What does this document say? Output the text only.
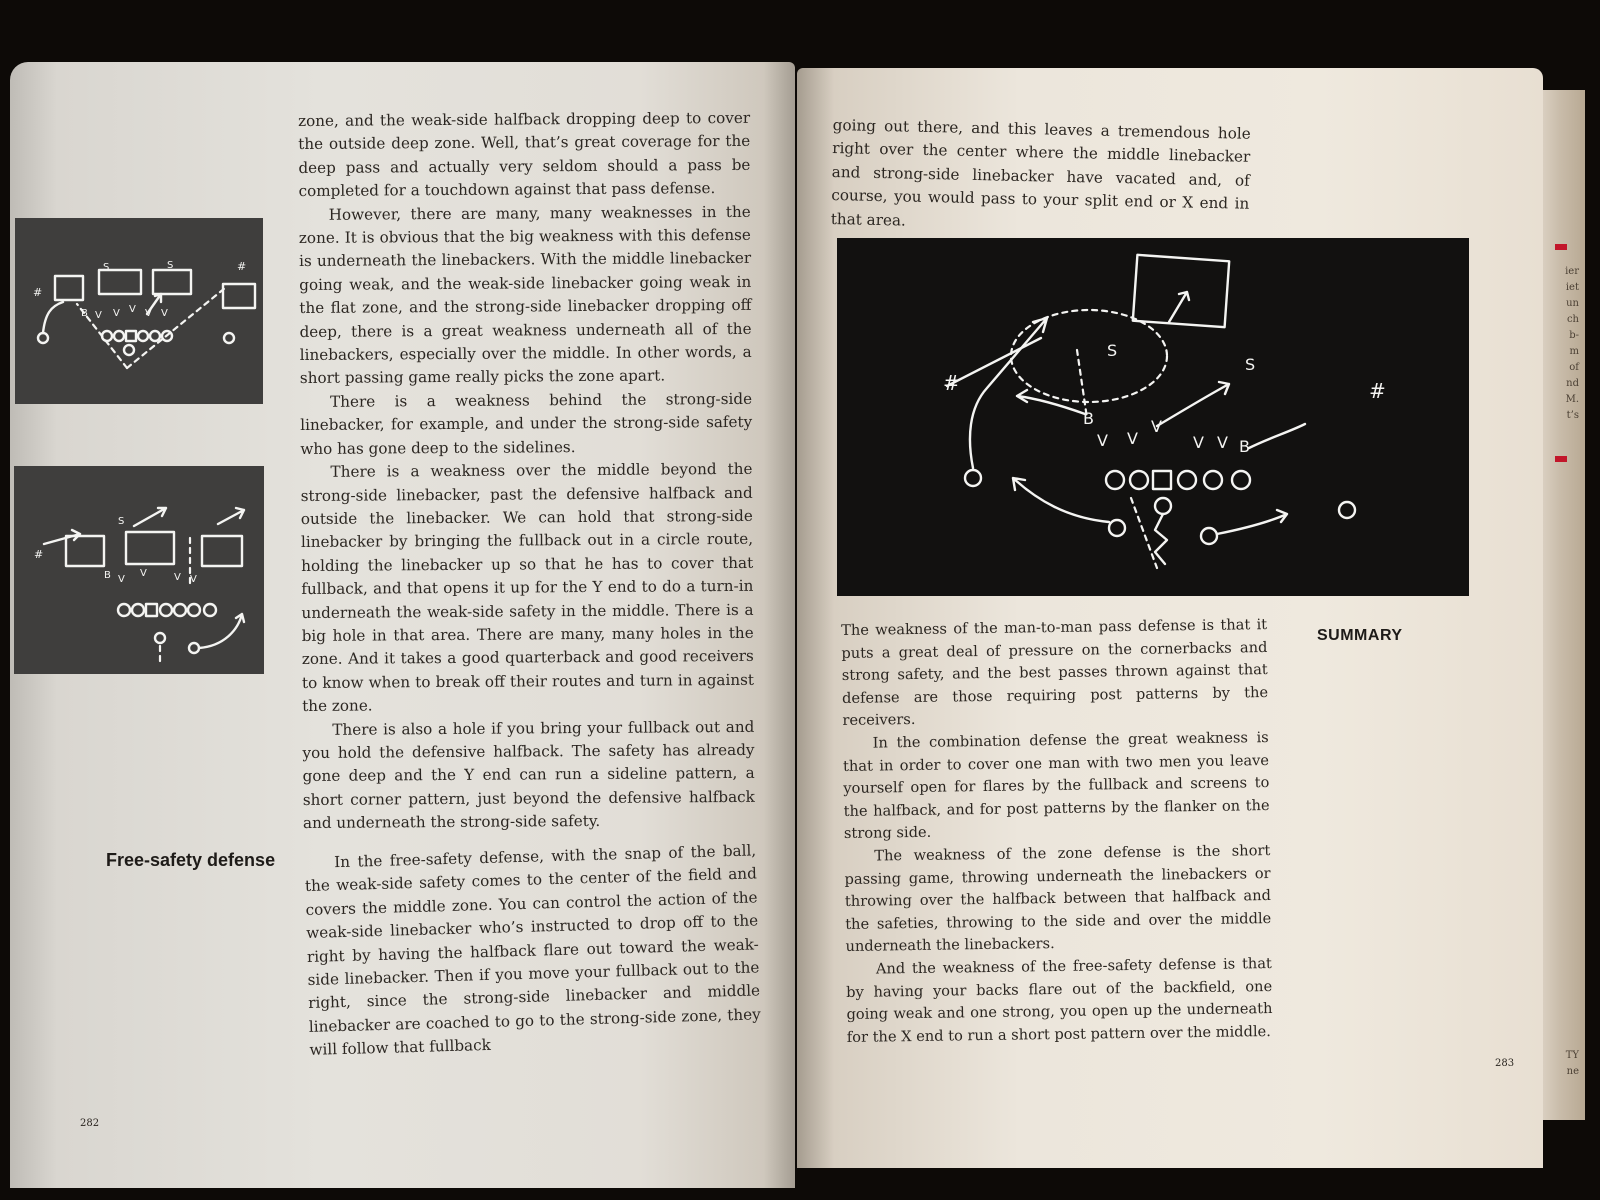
#
#
S	S
B V V V V V
#
S
B V
V	V V

zone, and the weak-side halfback dropping deep to cover the outside deep zone. Well, that’s great coverage for the deep pass and actually very seldom should a pass be completed for a touchdown against that pass defense.

However, there are many, many weaknesses in the zone. It is obvious that the big weakness with this defense is underneath the linebackers. With the middle linebacker going weak, and the weak-side linebacker going weak in the flat zone, and the strong-side linebacker dropping off deep, there is a great weakness underneath all of the linebackers, especially over the middle. In other words, a short passing game really picks the zone apart.

There is a weakness behind the strong-side linebacker, for example, and under the strong-side safety who has gone deep to the sidelines.

There is a weakness over the middle beyond the strong-side linebacker, past the defensive halfback and outside the linebacker. We can hold that strong-side linebacker by bringing the fullback out in a circle route, holding the linebacker up so that he has to cover that fullback, and that opens it up for the Y end to do a turn-in underneath the weak-side safety in the middle. There is a big hole in that area. There are many, many holes in the zone. And it takes a good quarterback and good receivers to know when to break off their routes and turn in against the zone.

There is also a hole if you bring your fullback out and you hold the defensive halfback. The safety has already gone deep and the Y end can run a sideline pattern, a short corner pattern, just beyond the defensive halfback and underneath the strong-side safety.

Free-safety defense	In the free-safety defense, with the snap of the ball, the weak-side safety comes to the center of the field and covers the middle zone. You can control the action of the weak-side linebacker who’s instructed to drop off to the right by having the halfback flare out toward the weak-side linebacker. Then if you move your fullback out to the right, since the strong-side linebacker and middle linebacker are coached to go to the strong-side zone, they will follow that fullback

282

going out there, and this leaves a tremendous hole right over the center where the middle linebacker and strong-side linebacker have vacated and, of course, you would pass to your split end or X end in that area.

#	#
S
S
B
B
V V
V
V V

The weakness of the man-to-man pass defense is that it puts a great deal of pressure on the cornerbacks and strong safety, and the best passes thrown against that defense are those requiring post patterns by the receivers.

In the combination defense the great weakness is that in order to cover one man with two men you leave yourself open for flares by the fullback and screens to the halfback, and for post patterns by the flanker on the strong side.

The weakness of the zone defense is the short passing game, throwing underneath the linebackers or throwing over the halfback between that halfback and the safeties, throwing to the side and over the middle underneath the linebackers.

And the weakness of the free-safety defense is that by having your backs flare out of the backfield, one going weak and one strong, you open up the underneath for the X end to run a short post pattern over the middle.

SUMMARY
283
ier
iet
un
ch
b-
m
of
nd
M.
t’s
TY
ne
